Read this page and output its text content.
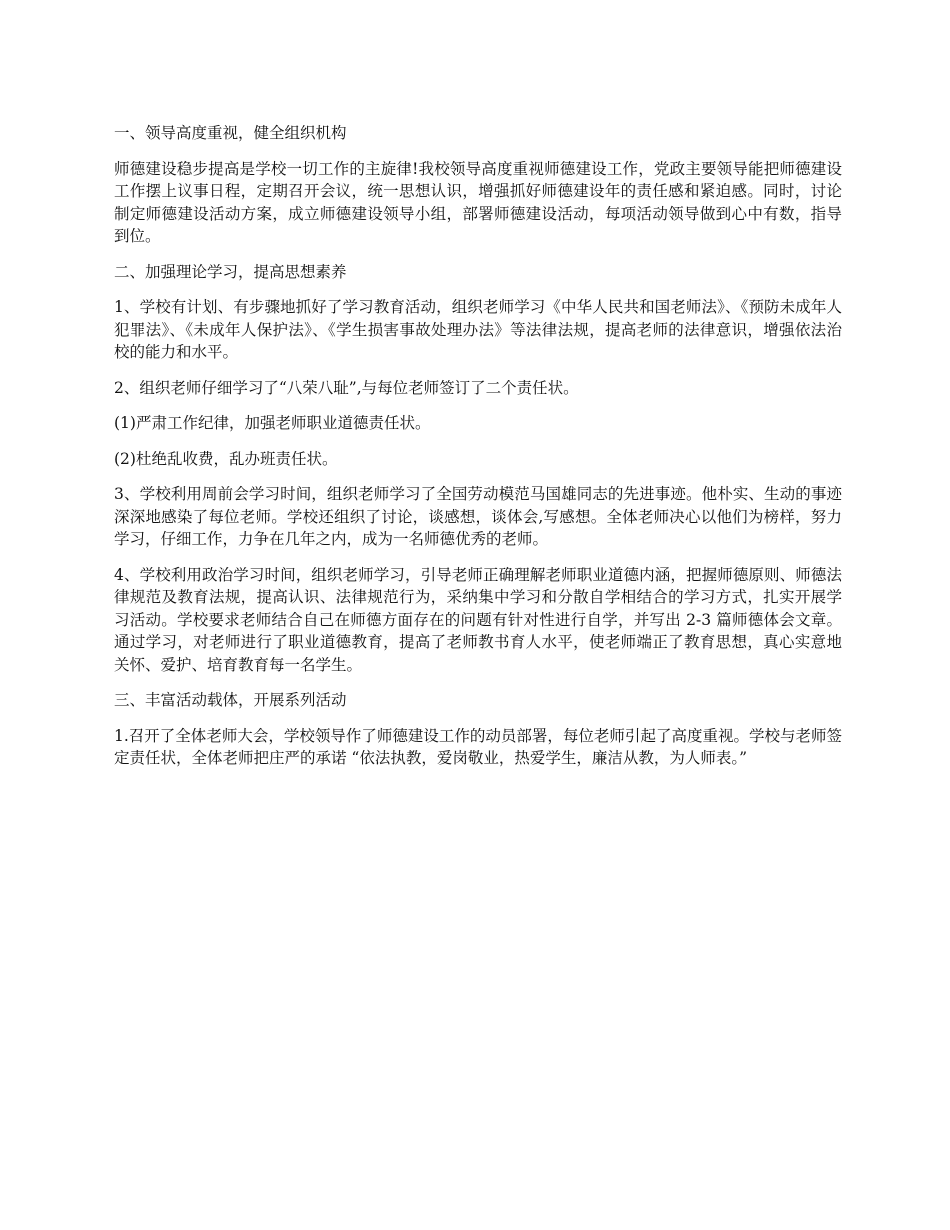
一、领导高度重视，健全组织机构

师德建设稳步提高是学校一切工作的主旋律!我校领导高度重视师德建设工作，党政主要领导能把师德建设工作摆上议事日程，定期召开会议，统一思想认识，增强抓好师德建设年的责任感和紧迫感。同时，讨论制定师德建设活动方案，成立师德建设领导小组，部署师德建设活动，每项活动领导做到心中有数，指导到位。

二、加强理论学习，提高思想素养

1、学校有计划、有步骤地抓好了学习教育活动，组织老师学习《中华人民共和国老师法》、《预防未成年人犯罪法》、《未成年人保护法》、《学生损害事故处理办法》等法律法规，提高老师的法律意识，增强依法治校的能力和水平。

2、组织老师仔细学习了“八荣八耻”,与每位老师签订了二个责任状。

(1)严肃工作纪律，加强老师职业道德责任状。

(2)杜绝乱收费，乱办班责任状。

3、学校利用周前会学习时间，组织老师学习了全国劳动模范马国雄同志的先进事迹。他朴实、生动的事迹深深地感染了每位老师。学校还组织了讨论，谈感想，谈体会,写感想。全体老师决心以他们为榜样，努力学习，仔细工作，力争在几年之内，成为一名师德优秀的老师。

4、学校利用政治学习时间，组织老师学习，引导老师正确理解老师职业道德内涵，把握师德原则、师德法律规范及教育法规，提高认识、法律规范行为，采纳集中学习和分散自学相结合的学习方式，扎实开展学习活动。学校要求老师结合自己在师德方面存在的问题有针对性进行自学，并写出 2-3 篇师德体会文章。通过学习，对老师进行了职业道德教育，提高了老师教书育人水平，使老师端正了教育思想，真心实意地关怀、爱护、培育教育每一名学生。

三、丰富活动载体，开展系列活动

1.召开了全体老师大会，学校领导作了师德建设工作的动员部署，每位老师引起了高度重视。学校与老师签定责任状，全体老师把庄严的承诺 “依法执教，爱岗敬业，热爱学生，廉洁从教，为人师表。”
